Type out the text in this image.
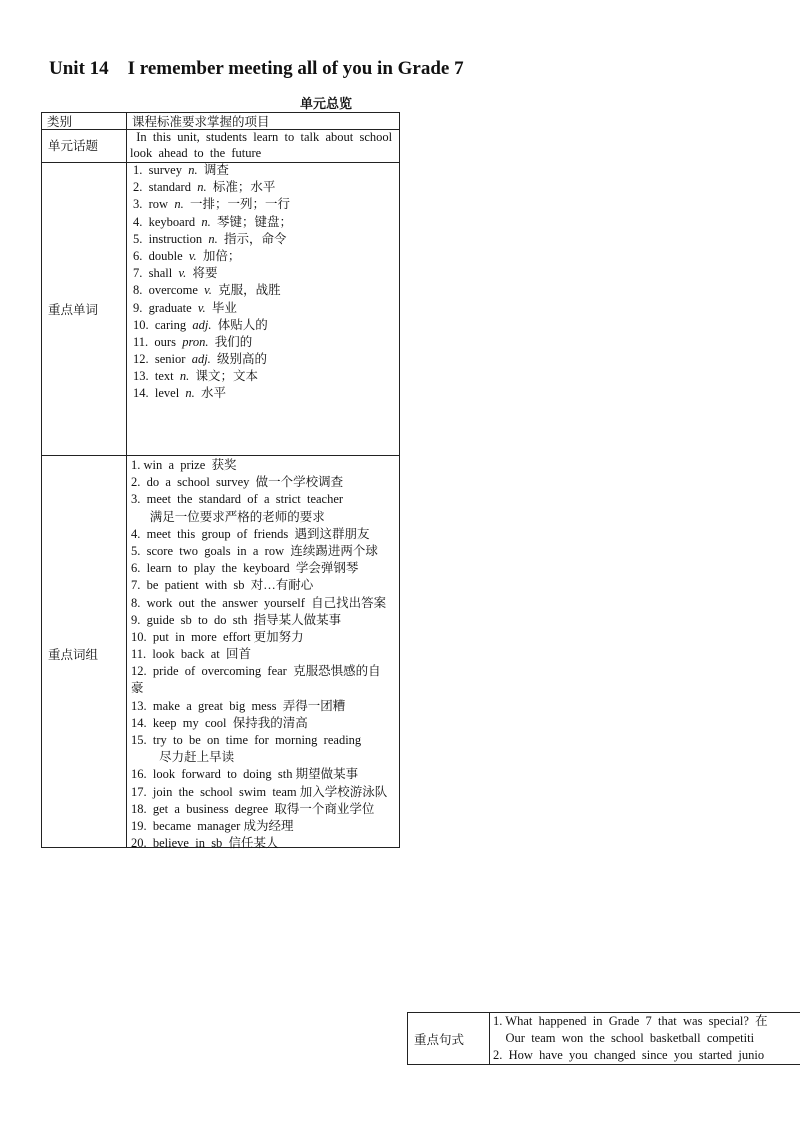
Unit 14    I remember meeting all of you in Grade 7
单元总览
类别	课程标准要求掌握的项目
单元话题
In  this  unit,  students  learn  to  talk  about  school
look  ahead  to  the  future
重点单词
1.  survey  n.  调查
2.  standard  n.  标准；水平
3.  row  n.  一排；一列；一行
4.  keyboard  n.  琴键；键盘；
5.  instruction  n.  指示，命令
6.  double  v.  加倍；
7.  shall  v.  将要
8.  overcome  v.  克服，战胜
9.  graduate  v.  毕业
10.  caring  adj.  体贴人的
11.  ours  pron.  我们的
12.  senior  adj.  级别高的
13.  text  n.  课文；文本
14.  level  n.  水平
重点词组
1. win  a  prize  获奖
2.  do  a  school  survey  做一个学校调查
3.  meet  the  standard  of  a  strict  teacher
满足一位要求严格的老师的要求
4.  meet  this  group  of  friends  遇到这群朋友
5.  score  two  goals  in  a  row  连续踢进两个球
6.  learn  to  play  the  keyboard  学会弹钢琴
7.  be  patient  with  sb  对…有耐心
8.  work  out  the  answer  yourself  自己找出答案
9.  guide  sb  to  do  sth  指导某人做某事
10.  put  in  more  effort 更加努力
11.  look  back  at  回首
12.  pride  of  overcoming  fear  克服恐惧感的自
豪
13.  make  a  great  big  mess  弄得一团糟
14.  keep  my  cool  保持我的清高
15.  try  to  be  on  time  for  morning  reading
尽力赶上早读
16.  look  forward  to  doing  sth 期望做某事
17.  join  the  school  swim  team 加入学校游泳队
18.  get  a  business  degree  取得一个商业学位
19.  became  manager 成为经理
20.  believe  in  sb  信任某人
重点句式
1. What  happened  in  Grade  7  that  was  special?  在
Our  team  won  the  school  basketball  competiti
2.  How  have  you  changed  since  you  started  junio
